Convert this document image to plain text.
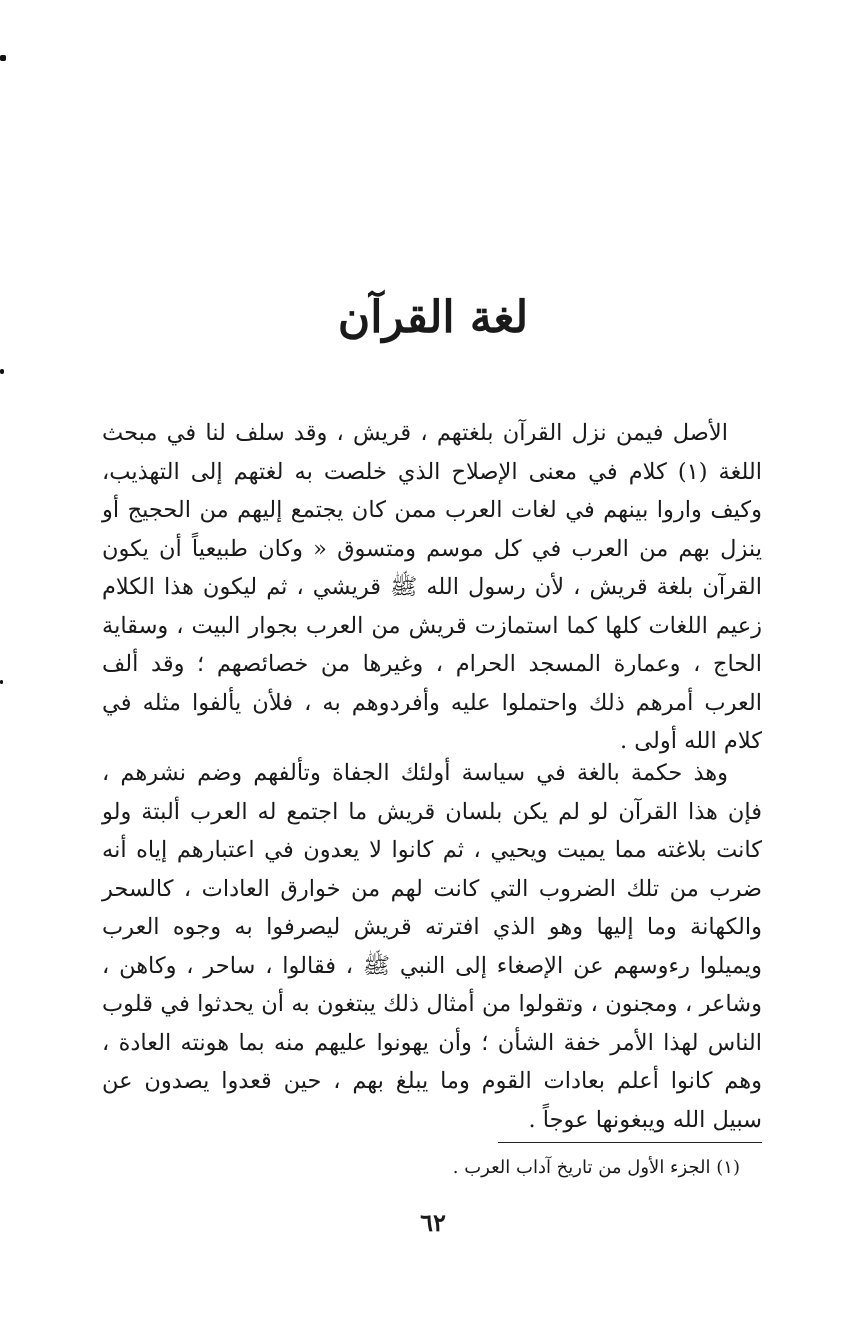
لغة القرآن

الأصل فيمن نزل القرآن بلغتهم ، قريش ، وقد سلف لنا في مبحث اللغة (١) كلام في معنى الإصلاح الذي خلصت به لغتهم إلى التهذيب، وكيف واروا بينهم في لغات العرب ممن كان يجتمع إليهم من الحجيج أو ينزل بهم من العرب في كل موسم ومتسوق « وكان طبيعياً أن يكون القرآن بلغة قريش ، لأن رسول الله ﷺ قريشي ، ثم ليكون هذا الكلام زعيم اللغات كلها كما استمازت قريش من العرب بجوار البيت ، وسقاية الحاج ، وعمارة المسجد الحرام ، وغيرها من خصائصهم ؛ وقد ألف العرب أمرهم ذلك واحتملوا عليه وأفردوهم به ، فلأن يألفوا مثله في كلام الله أولى .

وهذ حكمة بالغة في سياسة أولئك الجفاة وتألفهم وضم نشرهم ، فإن هذا القرآن لو لم يكن بلسان قريش ما اجتمع له العرب ألبتة ولو كانت بلاغته مما يميت ويحيي ، ثم كانوا لا يعدون في اعتبارهم إياه أنه ضرب من تلك الضروب التي كانت لهم من خوارق العادات ، كالسحر والكهانة وما إليها وهو الذي افترته قريش ليصرفوا به وجوه العرب ويميلوا رءوسهم عن الإصغاء إلى النبي ﷺ ، فقالوا ، ساحر ، وكاهن ، وشاعر ، ومجنون ، وتقولوا من أمثال ذلك يبتغون به أن يحدثوا في قلوب الناس لهذا الأمر خفة الشأن ؛ وأن يهونوا عليهم منه بما هونته العادة ، وهم كانوا أعلم بعادات القوم وما يبلغ بهم ، حين قعدوا يصدون عن سبيل الله ويبغونها عوجاً .

(١) الجزء الأول من تاريخ آداب العرب .
٦٢
